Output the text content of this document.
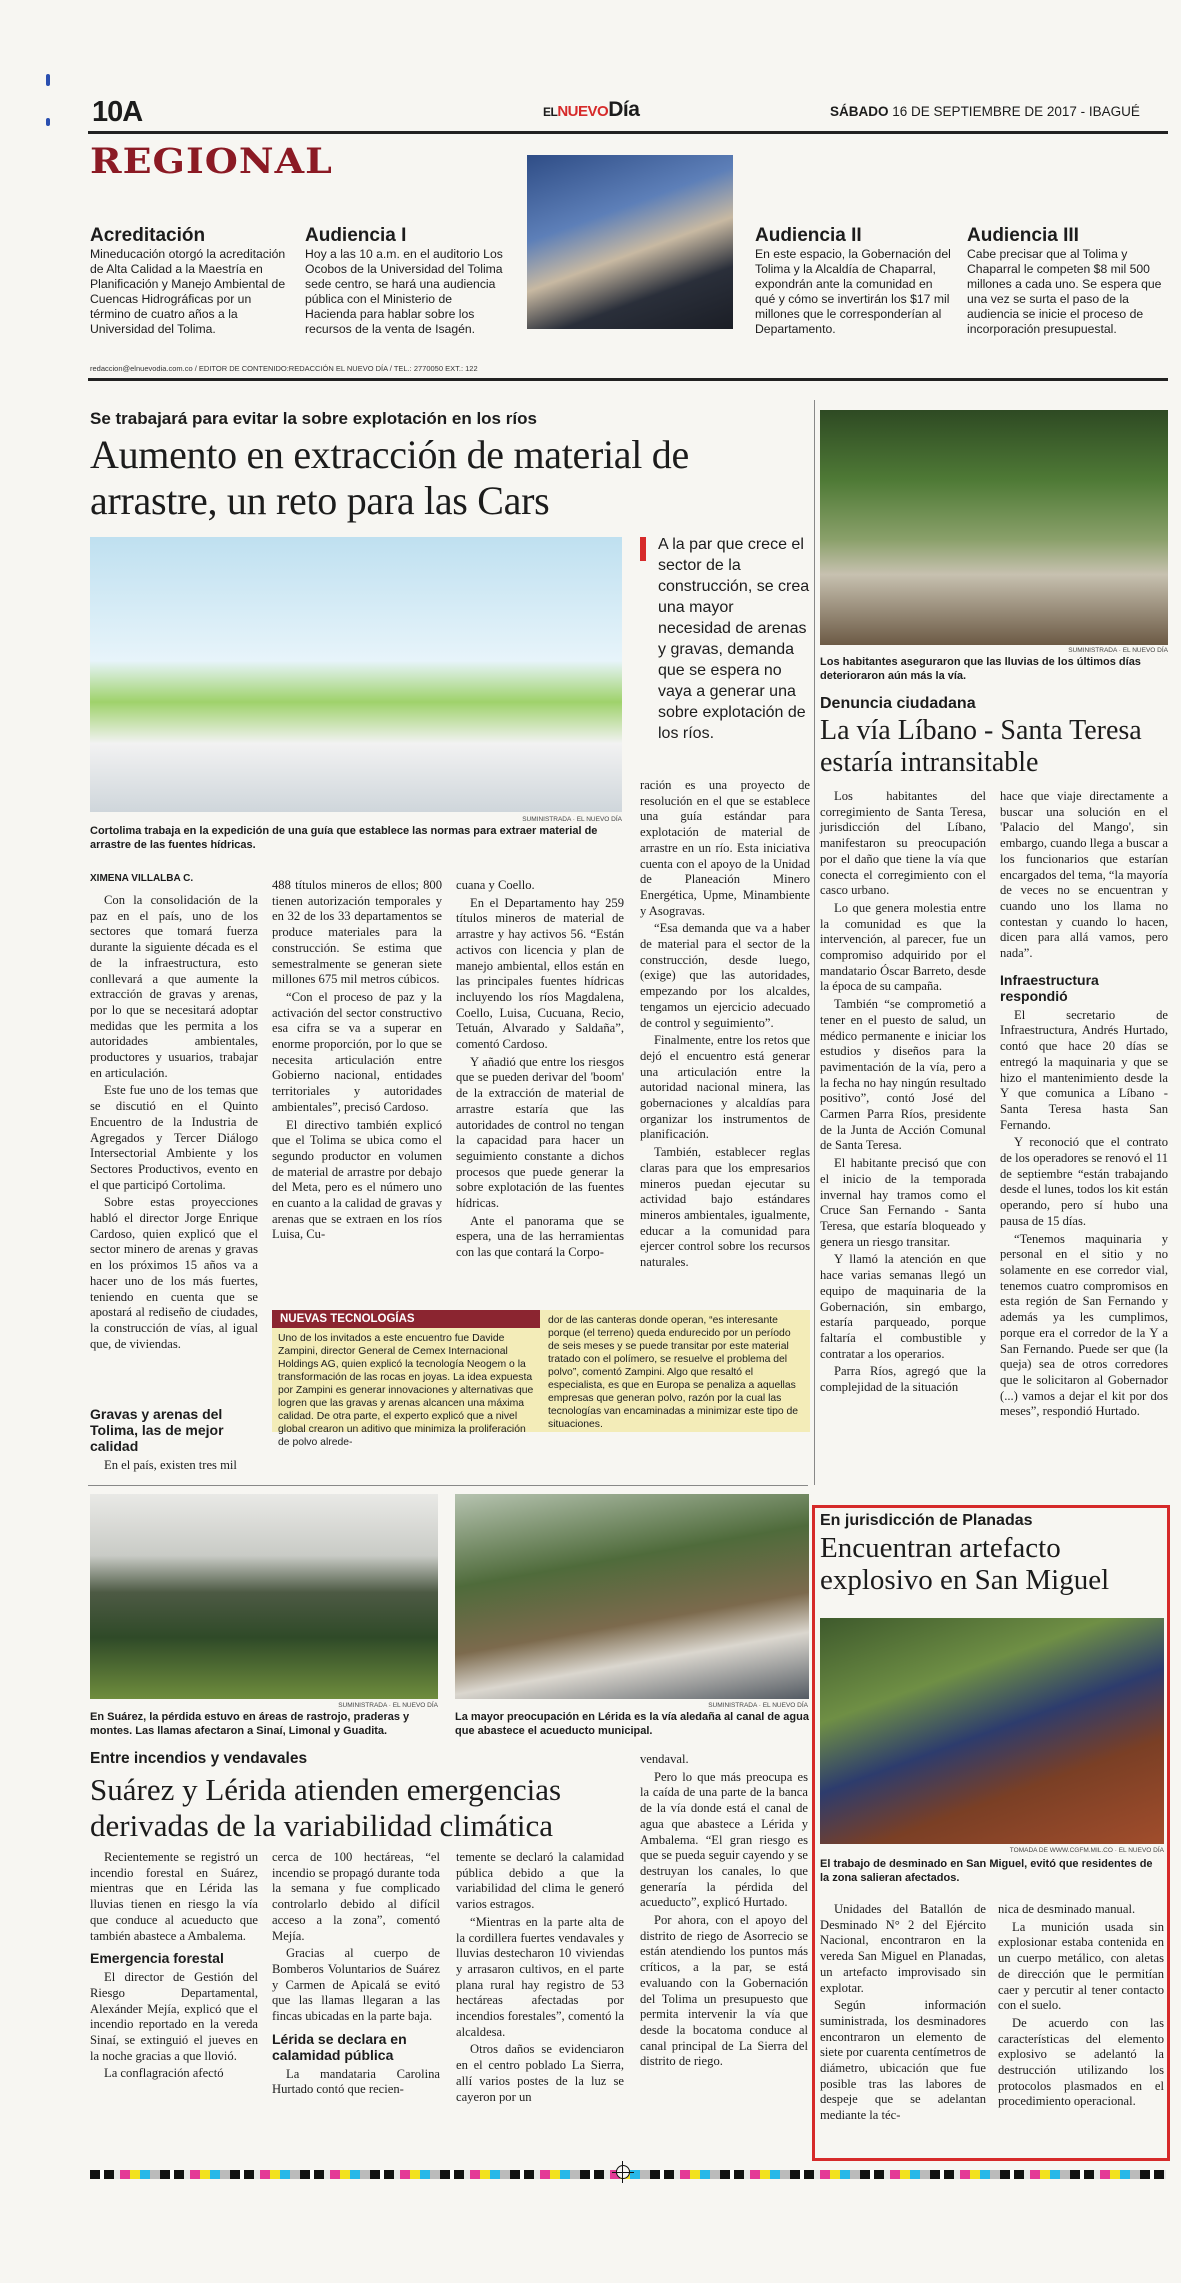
10A	ELNUEVODía	SÁBADO 16 DE SEPTIEMBRE DE 2017 - IBAGUÉ
REGIONAL
Acreditación
Mineducación otorgó la acreditación de Alta Calidad a la Maestría en Planificación y Manejo Ambiental de Cuencas Hidrográficas por un término de cuatro años a la Universidad del Tolima.
Audiencia I
Hoy a las 10 a.m. en el auditorio Los Ocobos de la Universidad del Tolima sede centro, se hará una audiencia pública con el Ministerio de Hacienda para hablar sobre los recursos de la venta de Isagén.
Audiencia II
En este espacio, la Gobernación del Tolima y la Alcaldía de Chaparral, expondrán ante la comunidad en qué y cómo se invertirán los $17 mil millones que le corresponderían al Departamento.
Audiencia III
Cabe precisar que al Tolima y Chaparral le competen $8 mil 500 millones a cada uno. Se espera que una vez se surta el paso de la audiencia se inicie el proceso de incorporación presupuestal.
redaccion@elnuevodia.com.co / EDITOR DE CONTENIDO:REDACCIÓN EL NUEVO DÍA / TEL.: 2770050 EXT.: 122
Se trabajará para evitar la sobre explotación en los ríos
Aumento en extracción de material de arrastre, un reto para las Cars
SUMINISTRADA · EL NUEVO DÍA
Cortolima trabaja en la expedición de una guía que establece las normas para extraer material de arrastre de las fuentes hídricas.
A la par que crece el sector de la construcción, se crea una mayor necesidad de arenas y gravas, demanda que se espera no vaya a generar una sobre explotación de los ríos.
XIMENA VILLALBA C.

Con la consolidación de la paz en el país, uno de los sectores que tomará fuerza durante la siguiente década es el de la infraestructura, esto conllevará a que aumente la extracción de gravas y arenas, por lo que se necesitará adoptar medidas que les permita a los autoridades ambientales, productores y usuarios, trabajar en articulación.

Este fue uno de los temas que se discutió en el Quinto Encuentro de la Industria de Agregados y Tercer Diálogo Intersectorial Ambiente y los Sectores Productivos, evento en el que participó Cortolima.

Sobre estas proyecciones habló el director Jorge Enrique Cardoso, quien explicó que el sector minero de arenas y gravas en los próximos 15 años va a hacer uno de los más fuertes, teniendo en cuenta que se apostará al rediseño de ciudades, la construcción de vías, al igual que, de viviendas.

Gravas y arenas del Tolima, las de mejor calidad

En el país, existen tres mil

488 títulos mineros de ellos; 800 tienen autorización temporales y en 32 de los 33 departamentos se produce materiales para la construcción. Se estima que semestralmente se generan siete millones 675 mil metros cúbicos.

“Con el proceso de paz y la activación del sector constructivo esa cifra se va a superar en enorme proporción, por lo que se necesita articulación entre Gobierno nacional, entidades territoriales y autoridades ambientales”, precisó Cardoso.

El directivo también explicó que el Tolima se ubica como el segundo productor en volumen de material de arrastre por debajo del Meta, pero es el número uno en cuanto a la calidad de gravas y arenas que se extraen en los ríos Luisa, Cu-

cuana y Coello.

En el Departamento hay 259 títulos mineros de material de arrastre y hay activos 56. “Están activos con licencia y plan de manejo ambiental, ellos están en las principales fuentes hídricas incluyendo los ríos Magdalena, Coello, Luisa, Cucuana, Recio, Tetuán, Alvarado y Saldaña”, comentó Cardoso.

Y añadió que entre los riesgos que se pueden derivar del 'boom' de la extracción de material de arrastre estaría que las autoridades de control no tengan la capacidad para hacer un seguimiento constante a dichos procesos que puede generar la sobre explotación de las fuentes hídricas.

Ante el panorama que se espera, una de las herramientas con las que contará la Corpo-

ración es una proyecto de resolución en el que se establece una guía estándar para explotación de material de arrastre en un río. Esta iniciativa cuenta con el apoyo de la Unidad de Planeación Minero Energética, Upme, Minambiente y Asogravas.

“Esa demanda que va a haber de material para el sector de la construcción, desde luego, (exige) que las autoridades, empezando por los alcaldes, tengamos un ejercicio adecuado de control y seguimiento”.

Finalmente, entre los retos que dejó el encuentro está generar una articulación entre la autoridad nacional minera, las gobernaciones y alcaldías para organizar los instrumentos de planificación.

También, establecer reglas claras para que los empresarios mineros puedan ejecutar su actividad bajo estándares mineros ambientales, igualmente, educar a la comunidad para ejercer control sobre los recursos naturales.

NUEVAS TECNOLOGÍAS
Uno de los invitados a este encuentro fue Davide Zampini, director General de Cemex Internacional Holdings AG, quien explicó la tecnología Neogem o la transformación de las rocas en joyas. La idea expuesta por Zampini es generar innovaciones y alternativas que logren que las gravas y arenas alcancen una máxima calidad. De otra parte, el experto explicó que a nivel global crearon un aditivo que minimiza la proliferación de polvo alrede-
dor de las canteras donde operan, “es interesante porque (el terreno) queda endurecido por un período de seis meses y se puede transitar por este material tratado con el polímero, se resuelve el problema del polvo”, comentó Zampini. Algo que resaltó el especialista, es que en Europa se penaliza a aquellas empresas que generan polvo, razón por la cual las tecnologías van encaminadas a minimizar este tipo de situaciones.
SUMINISTRADA · EL NUEVO DÍA
Los habitantes aseguraron que las lluvias de los últimos días deterioraron aún más la vía.
Denuncia ciudadana
La vía Líbano - Santa Teresa estaría intransitable

Los habitantes del corregimiento de Santa Teresa, jurisdicción del Líbano, manifestaron su preocupación por el daño que tiene la vía que conecta el corregimiento con el casco urbano.

Lo que genera molestia entre la comunidad es que la intervención, al parecer, fue un compromiso adquirido por el mandatario Óscar Barreto, desde la época de su campaña.

También “se comprometió a tener en el puesto de salud, un médico permanente e iniciar los estudios y diseños para la pavimentación de la vía, pero a la fecha no hay ningún resultado positivo”, contó José del Carmen Parra Ríos, presidente de la Junta de Acción Comunal de Santa Teresa.

El habitante precisó que con el inicio de la temporada invernal hay tramos como el Cruce San Fernando - Santa Teresa, que estaría bloqueado y genera un riesgo transitar.

Y llamó la atención en que hace varias semanas llegó un equipo de maquinaria de la Gobernación, sin embargo, estaría parqueado, porque faltaría el combustible y contratar a los operarios.

Parra Ríos, agregó que la complejidad de la situación

hace que viaje directamente a buscar una solución en el 'Palacio del Mango', sin embargo, cuando llega a buscar a los funcionarios que estarían encargados del tema, “la mayoría de veces no se encuentran y cuando uno los llama no contestan y cuando lo hacen, dicen para allá vamos, pero nada”.

Infraestructura respondió

El secretario de Infraestructura, Andrés Hurtado, contó que hace 20 días se entregó la maquinaria y que se hizo el mantenimiento desde la Y que comunica a Líbano - Santa Teresa hasta San Fernando.

Y reconoció que el contrato de los operadores se renovó el 11 de septiembre “están trabajando desde el lunes, todos los kit están operando, pero sí hubo una pausa de 15 días.

“Tenemos maquinaria y personal en el sitio y no solamente en ese corredor vial, tenemos cuatro compromisos en esta región de San Fernando y además ya les cumplimos, porque era el corredor de la Y a San Fernando. Puede ser que (la queja) sea de otros corredores que le solicitaron al Gobernador (...) vamos a dejar el kit por dos meses”, respondió Hurtado.

SUMINISTRADA · EL NUEVO DÍA
En Suárez, la pérdida estuvo en áreas de rastrojo, praderas y montes. Las llamas afectaron a Sinaí, Limonal y Guadita.
SUMINISTRADA · EL NUEVO DÍA
La mayor preocupación en Lérida es la vía aledaña al canal de agua que abastece el acueducto municipal.
Entre incendios y vendavales
Suárez y Lérida atienden emergencias derivadas de la variabilidad climática

Recientemente se registró un incendio forestal en Suárez, mientras que en Lérida las lluvias tienen en riesgo la vía que conduce al acueducto que también abastece a Ambalema.

Emergencia forestal

El director de Gestión del Riesgo Departamental, Alexánder Mejía, explicó que el incendio reportado en la vereda Sinaí, se extinguió el jueves en la noche gracias a que llovió.

La conflagración afectó

cerca de 100 hectáreas, “el incendio se propagó durante toda la semana y fue complicado controlarlo debido al difícil acceso a la zona”, comentó Mejía.

Gracias al cuerpo de Bomberos Voluntarios de Suárez y Carmen de Apicalá se evitó que las llamas llegaran a las fincas ubicadas en la parte baja.

Lérida se declara en calamidad pública

La mandataria Carolina Hurtado contó que recien-

temente se declaró la calamidad pública debido a que la variabilidad del clima le generó varios estragos.

“Mientras en la parte alta de la cordillera fuertes vendavales y lluvias destecharon 10 viviendas y arrasaron cultivos, en el parte plana rural hay registro de 53 hectáreas afectadas por incendios forestales”, comentó la alcaldesa.

Otros daños se evidenciaron en el centro poblado La Sierra, allí varios postes de la luz se cayeron por un

vendaval.

Pero lo que más preocupa es la caída de una parte de la banca de la vía donde está el canal de agua que abastece a Lérida y Ambalema. “El gran riesgo es que se pueda seguir cayendo y se destruyan los canales, lo que generaría la pérdida del acueducto”, explicó Hurtado.

Por ahora, con el apoyo del distrito de riego de Asorrecio se están atendiendo los puntos más críticos, a la par, se está evaluando con la Gobernación del Tolima un presupuesto que permita intervenir la vía que desde la bocatoma conduce al canal principal de La Sierra del distrito de riego.

En jurisdicción de Planadas
Encuentran artefacto explosivo en San Miguel
TOMADA DE WWW.CGFM.MIL.CO · EL NUEVO DÍA
El trabajo de desminado en San Miguel, evitó que residentes de la zona salieran afectados.

Unidades del Batallón de Desminado N° 2 del Ejército Nacional, encontraron en la vereda San Miguel en Planadas, un artefacto improvisado sin explotar.

Según información suministrada, los desminadores encontraron un elemento de siete por cuarenta centímetros de diámetro, ubicación que fue posible tras las labores de despeje que se adelantan mediante la téc-

nica de desminado manual.

La munición usada sin explosionar estaba contenida en un cuerpo metálico, con aletas de dirección que le permitían caer y percutir al tener contacto con el suelo.

De acuerdo con las características del elemento explosivo se adelantó la destrucción utilizando los protocolos plasmados en el procedimiento operacional.
